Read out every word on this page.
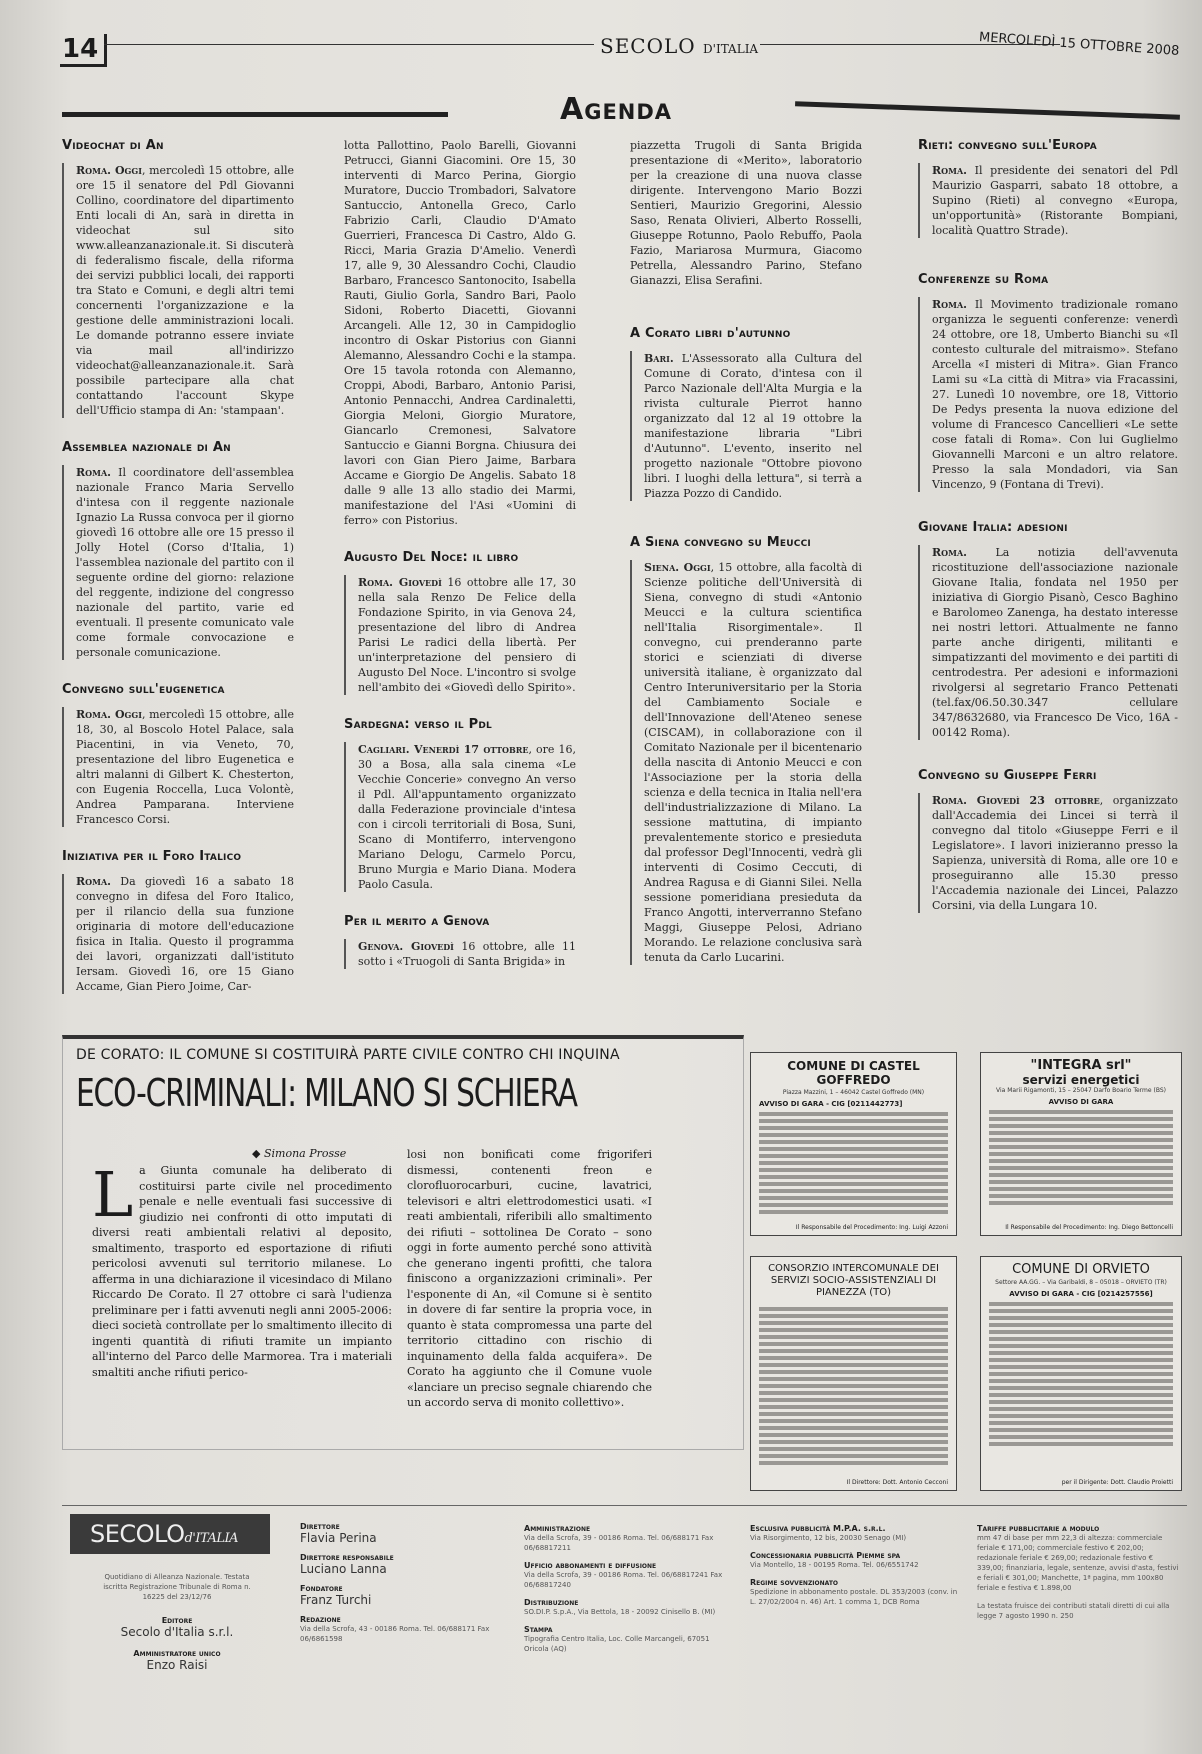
14	SECOLO D'ITALIA	MERCOLEDÌ 15 OTTOBRE 2008
Agenda
Videochat di An

Roma. Oggi, mercoledì 15 ottobre, alle ore 15 il senatore del Pdl Giovanni Collino, coordinatore del dipartimento Enti locali di An, sarà in diretta in videochat sul sito www.alleanzanazionale.it. Si discuterà di federalismo fiscale, della riforma dei servizi pubblici locali, dei rapporti tra Stato e Comuni, e degli altri temi concernenti l'organizzazione e la gestione delle amministrazioni locali. Le domande potranno essere inviate via mail all'indirizzo videochat@alleanzanazionale.it. Sarà possibile partecipare alla chat contattando l'account Skype dell'Ufficio stampa di An: 'stampaan'.

Assemblea nazionale di An

Roma. Il coordinatore dell'assemblea nazionale Franco Maria Servello d'intesa con il reggente nazionale Ignazio La Russa convoca per il giorno giovedì 16 ottobre alle ore 15 presso il Jolly Hotel (Corso d'Italia, 1) l'assemblea nazionale del partito con il seguente ordine del giorno: relazione del reggente, indizione del congresso nazionale del partito, varie ed eventuali. Il presente comunicato vale come formale convocazione e personale comunicazione.

Convegno sull'eugenetica

Roma. Oggi, mercoledì 15 ottobre, alle 18, 30, al Boscolo Hotel Palace, sala Piacentini, in via Veneto, 70, presentazione del libro Eugenetica e altri malanni di Gilbert K. Chesterton, con Eugenia Roccella, Luca Volontè, Andrea Pamparana. Interviene Francesco Corsi.

Iniziativa per il Foro Italico

Roma. Da giovedì 16 a sabato 18 convegno in difesa del Foro Italico, per il rilancio della sua funzione originaria di motore dell'educazione fisica in Italia. Questo il programma dei lavori, organizzati dall'istituto Iersam. Giovedì 16, ore 15 Giano Accame, Gian Piero Joime, Car-

lotta Pallottino, Paolo Barelli, Giovanni Petrucci, Gianni Giacomini. Ore 15, 30 interventi di Marco Perina, Giorgio Muratore, Duccio Trombadori, Salvatore Santuccio, Antonella Greco, Carlo Fabrizio Carli, Claudio D'Amato Guerrieri, Francesca Di Castro, Aldo G. Ricci, Maria Grazia D'Amelio. Venerdì 17, alle 9, 30 Alessandro Cochi, Claudio Barbaro, Francesco Santonocito, Isabella Rauti, Giulio Gorla, Sandro Bari, Paolo Sidoni, Roberto Diacetti, Giovanni Arcangeli. Alle 12, 30 in Campidoglio incontro di Oskar Pistorius con Gianni Alemanno, Alessandro Cochi e la stampa. Ore 15 tavola rotonda con Alemanno, Croppi, Abodi, Barbaro, Antonio Parisi, Antonio Pennacchi, Andrea Cardinaletti, Giorgia Meloni, Giorgio Muratore, Giancarlo Cremonesi, Salvatore Santuccio e Gianni Borgna. Chiusura dei lavori con Gian Piero Jaime, Barbara Accame e Giorgio De Angelis. Sabato 18 dalle 9 alle 13 allo stadio dei Marmi, manifestazione del l'Asi «Uomini di ferro» con Pistorius.

Augusto Del Noce: il libro

Roma. Giovedì 16 ottobre alle 17, 30 nella sala Renzo De Felice della Fondazione Spirito, in via Genova 24, presentazione del libro di Andrea Parisi Le radici della libertà. Per un'interpretazione del pensiero di Augusto Del Noce. L'incontro si svolge nell'ambito dei «Giovedì dello Spirito».

Sardegna: verso il Pdl

Cagliari. Venerdì 17 ottobre, ore 16, 30 a Bosa, alla sala cinema «Le Vecchie Concerie» convegno An verso il Pdl. All'appuntamento organizzato dalla Federazione provinciale d'intesa con i circoli territoriali di Bosa, Suni, Scano di Montiferro, intervengono Mariano Delogu, Carmelo Porcu, Bruno Murgia e Mario Diana. Modera Paolo Casula.

Per il merito a Genova

Genova. Giovedì 16 ottobre, alle 11 sotto i «Truogoli di Santa Brigida» in

piazzetta Trugoli di Santa Brigida presentazione di «Merito», laboratorio per la creazione di una nuova classe dirigente. Intervengono Mario Bozzi Sentieri, Maurizio Gregorini, Alessio Saso, Renata Olivieri, Alberto Rosselli, Giuseppe Rotunno, Paolo Rebuffo, Paola Fazio, Mariarosa Murmura, Giacomo Petrella, Alessandro Parino, Stefano Gianazzi, Elisa Serafini.

A Corato libri d'autunno

Bari. L'Assessorato alla Cultura del Comune di Corato, d'intesa con il Parco Nazionale dell'Alta Murgia e la rivista culturale Pierrot hanno organizzato dal 12 al 19 ottobre la manifestazione libraria "Libri d'Autunno". L'evento, inserito nel progetto nazionale "Ottobre piovono libri. I luoghi della lettura", si terrà a Piazza Pozzo di Candido.

A Siena convegno su Meucci

Siena. Oggi, 15 ottobre, alla facoltà di Scienze politiche dell'Università di Siena, convegno di studi «Antonio Meucci e la cultura scientifica nell'Italia Risorgimentale». Il convegno, cui prenderanno parte storici e scienziati di diverse università italiane, è organizzato dal Centro Interuniversitario per la Storia del Cambiamento Sociale e dell'Innovazione dell'Ateneo senese (CISCAM), in collaborazione con il Comitato Nazionale per il bicentenario della nascita di Antonio Meucci e con l'Associazione per la storia della scienza e della tecnica in Italia nell'era dell'industrializzazione di Milano. La sessione mattutina, di impianto prevalentemente storico e presieduta dal professor Degl'Innocenti, vedrà gli interventi di Cosimo Ceccuti, di Andrea Ragusa e di Gianni Silei. Nella sessione pomeridiana presieduta da Franco Angotti, interverranno Stefano Maggi, Giuseppe Pelosi, Adriano Morando. Le relazione conclusiva sarà tenuta da Carlo Lucarini.

Rieti: convegno sull'Europa

Roma. Il presidente dei senatori del Pdl Maurizio Gasparri, sabato 18 ottobre, a Supino (Rieti) al convegno «Europa, un'opportunità» (Ristorante Bompiani, località Quattro Strade).

Conferenze su Roma

Roma. Il Movimento tradizionale romano organizza le seguenti conferenze: venerdì 24 ottobre, ore 18, Umberto Bianchi su «Il contesto culturale del mitraismo». Stefano Arcella «I misteri di Mitra». Gian Franco Lami su «La città di Mitra» via Fracassini, 27. Lunedì 10 novembre, ore 18, Vittorio De Pedys presenta la nuova edizione del volume di Francesco Cancellieri «Le sette cose fatali di Roma». Con lui Guglielmo Giovannelli Marconi e un altro relatore. Presso la sala Mondadori, via San Vincenzo, 9 (Fontana di Trevi).

Giovane Italia: adesioni

Roma. La notizia dell'avvenuta ricostituzione dell'associazione nazionale Giovane Italia, fondata nel 1950 per iniziativa di Giorgio Pisanò, Cesco Baghino e Barolomeo Zanenga, ha destato interesse nei nostri lettori. Attualmente ne fanno parte anche dirigenti, militanti e simpatizzanti del movimento e dei partiti di centrodestra. Per adesioni e informazioni rivolgersi al segretario Franco Pettenati (tel.fax/06.50.30.347 cellulare 347/8632680, via Francesco De Vico, 16A - 00142 Roma).

Convegno su Giuseppe Ferri

Roma. Giovedì 23 ottobre, organizzato dall'Accademia dei Lincei si terrà il convegno dal titolo «Giuseppe Ferri e il Legislatore». I lavori inizieranno presso la Sapienza, università di Roma, alle ore 10 e proseguiranno alle 15.30 presso l'Accademia nazionale dei Lincei, Palazzo Corsini, via della Lungara 10.

DE CORATO: IL COMUNE SI COSTITUIRÀ PARTE CIVILE CONTRO CHI INQUINA
ECO-CRIMINALI: MILANO SI SCHIERA
◆ Simona Prosse
La Giunta comunale ha deliberato di costituirsi parte civile nel procedimento penale e nelle eventuali fasi successive di giudizio nei confronti di otto imputati di diversi reati ambientali relativi al deposito, smaltimento, trasporto ed esportazione di rifiuti pericolosi avvenuti sul territorio milanese. Lo afferma in una dichiarazione il vicesindaco di Milano Riccardo De Corato. Il 27 ottobre ci sarà l'udienza preliminare per i fatti avvenuti negli anni 2005-2006: dieci società controllate per lo smaltimento illecito di ingenti quantità di rifiuti tramite un impianto all'interno del Parco delle Marmorea. Tra i materiali smaltiti anche rifiuti perico-
losi non bonificati come frigoriferi dismessi, contenenti freon e clorofluorocarburi, cucine, lavatrici, televisori e altri elettrodomestici usati. «I reati ambientali, riferibili allo smaltimento dei rifiuti – sottolinea De Corato – sono oggi in forte aumento perché sono attività che generano ingenti profitti, che talora finiscono a organizzazioni criminali». Per l'esponente di An, «il Comune si è sentito in dovere di far sentire la propria voce, in quanto è stata compromessa una parte del territorio cittadino con rischio di inquinamento della falda acquifera». De Corato ha aggiunto che il Comune vuole «lanciare un preciso segnale chiarendo che un accordo serva di monito collettivo».
COMUNE DI CASTEL GOFFREDO
Piazza Mazzini, 1 – 46042 Castel Goffredo (MN)
AVVISO DI GARA - CIG [0211442773]
Il Responsabile del Procedimento: Ing. Luigi Azzoni
"INTEGRA srl"
servizi energetici
Via Marii Rigamonti, 15 – 25047 Darfo Boario Terme (BS)
AVVISO DI GARA
Il Responsabile del Procedimento: Ing. Diego Bettoncelli
CONSORZIO INTERCOMUNALE DEI SERVIZI SOCIO-ASSISTENZIALI DI PIANEZZA (TO)
Il Direttore: Dott. Antonio Cecconi
COMUNE DI ORVIETO
Settore AA.GG. – Via Garibaldi, 8 – 05018 – ORVIETO (TR)
AVVISO DI GARA - CIG [0214257556]
per il Dirigente: Dott. Claudio Proietti
SECOLOd'ITALIA
Quotidiano di Alleanza Nazionale. Testata iscritta Registrazione Tribunale di Roma n. 16225 del 23/12/76
Editore
Secolo d'Italia s.r.l.
Amministratore unico
Enzo Raisi
Direttore
Flavia Perina
Direttore responsabile
Luciano Lanna
Fondatore
Franz Turchi
Redazione
Via della Scrofa, 43 - 00186 Roma. Tel. 06/688171 Fax 06/6861598
Amministrazione
Via della Scrofa, 39 - 00186 Roma. Tel. 06/688171 Fax 06/68817211
Ufficio abbonamenti e diffusione
Via della Scrofa, 39 - 00186 Roma. Tel. 06/68817241 Fax 06/68817240
Distribuzione
SO.DI.P. S.p.A., Via Bettola, 18 - 20092 Cinisello B. (MI)
Stampa
Tipografia Centro Italia, Loc. Colle Marcangeli, 67051 Oricola (AQ)
Esclusiva pubblicità M.P.A. s.r.l.
Via Risorgimento, 12 bis, 20030 Senago (MI)
Concessionaria pubblicità Piemme spa
Via Montello, 18 - 00195 Roma. Tel. 06/6551742
Regime sovvenzionato
Spedizione in abbonamento postale. DL 353/2003 (conv. in L. 27/02/2004 n. 46) Art. 1 comma 1, DCB Roma
Tariffe pubblicitarie a modulo
mm 47 di base per mm 22,3 di altezza: commerciale feriale € 171,00; commerciale festivo € 202,00; redazionale feriale € 269,00; redazionale festivo € 339,00; finanziaria, legale, sentenze, avvisi d'asta, festivi e feriali € 301,00; Manchette, 1ª pagina, mm 100x80 feriale e festiva € 1.898,00
La testata fruisce dei contributi statali diretti di cui alla legge 7 agosto 1990 n. 250
